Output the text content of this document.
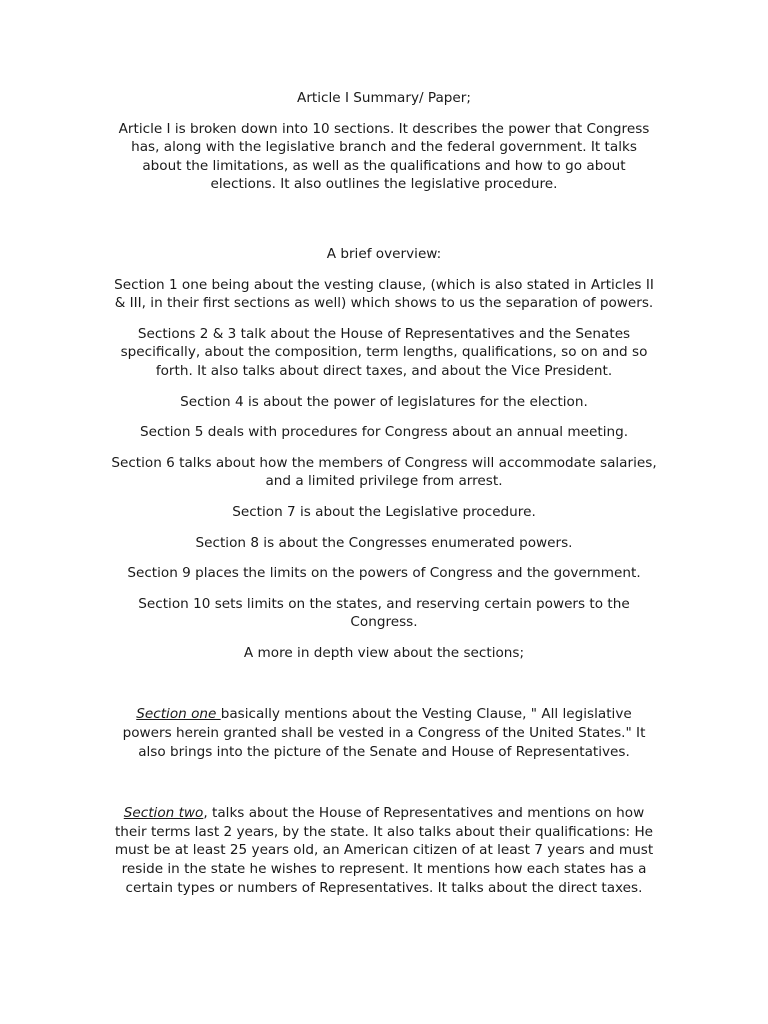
Article I Summary/ Paper;

Article I is broken down into 10 sections. It describes the power that Congress has, along with the legislative branch and the federal government. It talks about the limitations, as well as the qualifications and how to go about elections. It also outlines the legislative procedure.

A brief overview:

Section 1 one being about the vesting clause, (which is also stated in Articles II & III, in their first sections as well) which shows to us the separation of powers.

Sections 2 & 3 talk about the House of Representatives and the Senates specifically, about the composition, term lengths, qualifications, so on and so forth. It also talks about direct taxes, and about the Vice President.

Section 4 is about the power of legislatures for the election.

Section 5 deals with procedures for Congress about an annual meeting.

Section 6 talks about how the members of Congress will accommodate salaries, and a limited privilege from arrest.

Section 7 is about the Legislative procedure.

Section 8 is about the Congresses enumerated powers.

Section 9 places the limits on the powers of Congress and the government.

Section 10 sets limits on the states, and reserving certain powers to the Congress.

A more in depth view about the sections;

Section one basically mentions about the Vesting Clause, " All legislative powers herein granted shall be vested in a Congress of the United States." It also brings into the picture of the Senate and House of Representatives.

Section two, talks about the House of Representatives and mentions on how their terms last 2 years, by the state. It also talks about their qualifications: He must be at least 25 years old, an American citizen of at least 7 years and must reside in the state he wishes to represent. It mentions how each states has a certain types or numbers of Representatives. It talks about the direct taxes.
